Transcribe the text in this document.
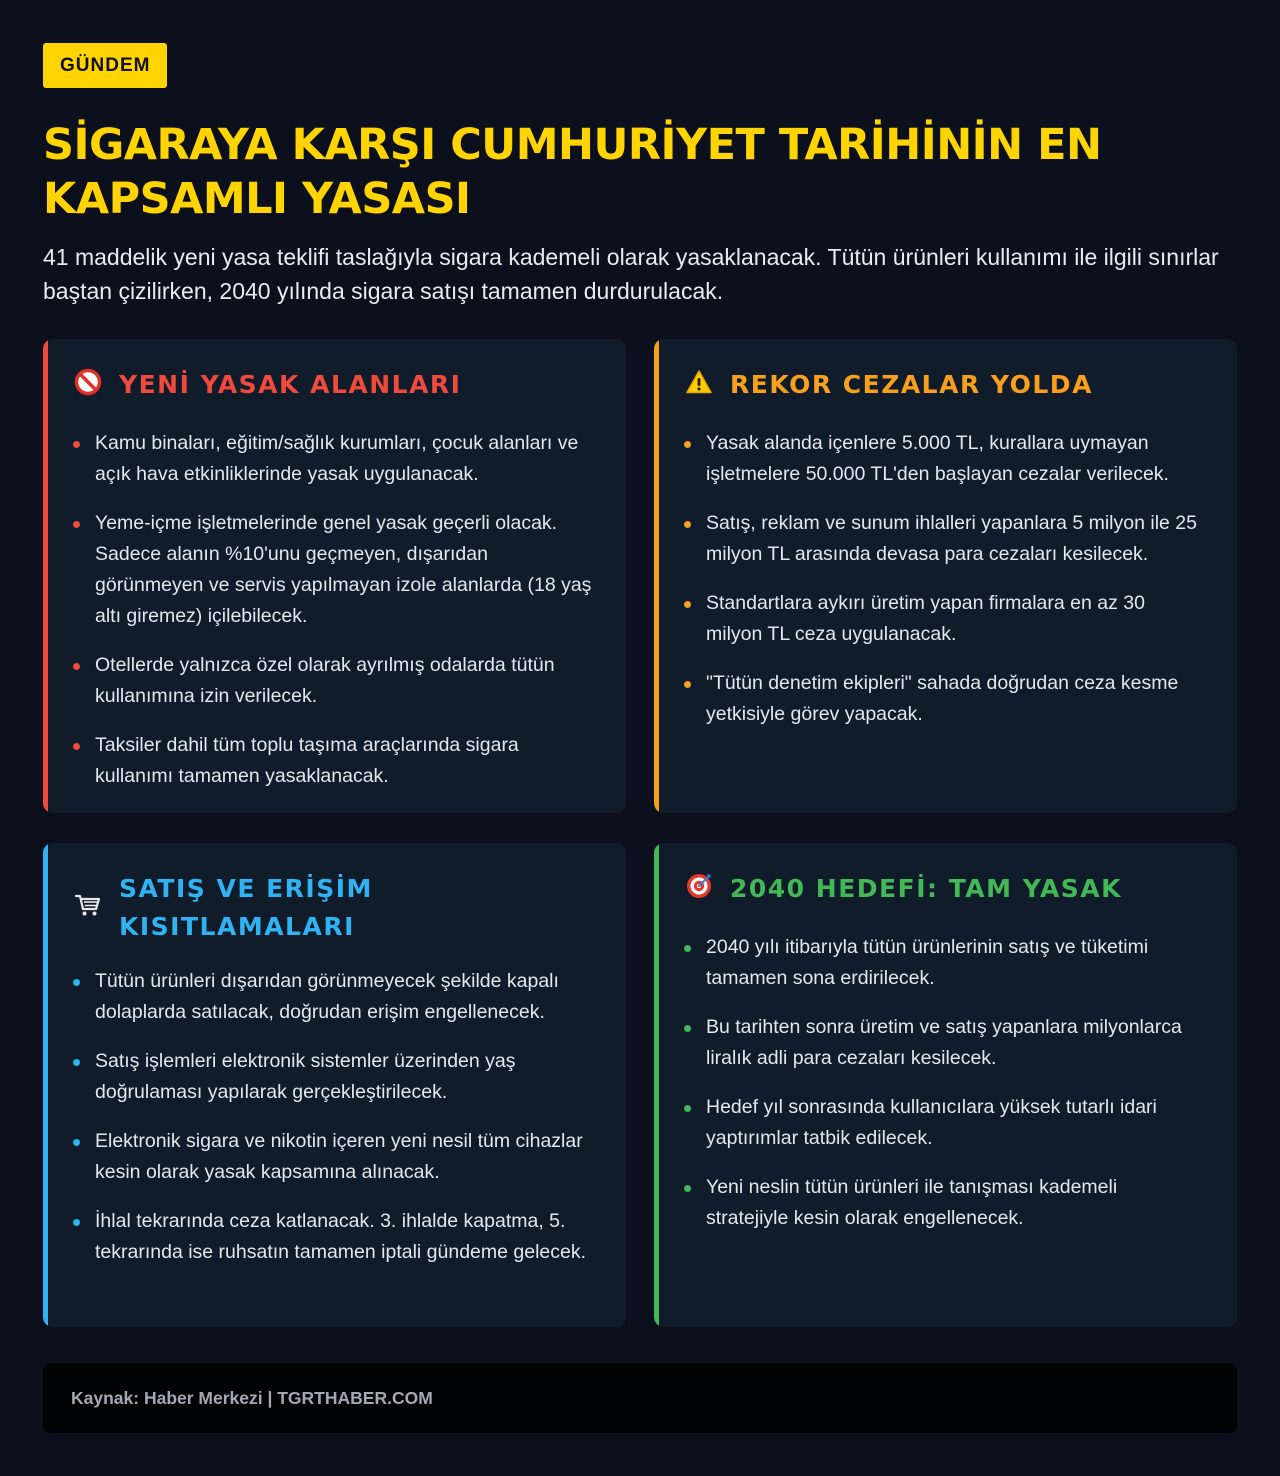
GÜNDEM
SİGARAYA KARŞI CUMHURİYET TARİHİNİN EN
KAPSAMLI YASASI
41 maddelik yeni yasa teklifi taslağıyla sigara kademeli olarak yasaklanacak. Tütün ürünleri kullanımı ile ilgili sınırlar baştan çizilirken, 2040 yılında sigara satışı tamamen durdurulacak.
YENİ YASAK ALANLARI
Kamu binaları, eğitim/sağlık kurumları, çocuk alanları ve açık hava etkinliklerinde yasak uygulanacak.
Yeme-içme işletmelerinde genel yasak geçerli olacak. Sadece alanın %10'unu geçmeyen, dışarıdan görünmeyen ve servis yapılmayan izole alanlarda (18 yaş altı giremez) içilebilecek.
Otellerde yalnızca özel olarak ayrılmış odalarda tütün kullanımına izin verilecek.
Taksiler dahil tüm toplu taşıma araçlarında sigara kullanımı tamamen yasaklanacak.
REKOR CEZALAR YOLDA
Yasak alanda içenlere 5.000 TL, kurallara uymayan işletmelere 50.000 TL'den başlayan cezalar verilecek.
Satış, reklam ve sunum ihlalleri yapanlara 5 milyon ile 25 milyon TL arasında devasa para cezaları kesilecek.
Standartlara aykırı üretim yapan firmalara en az 30 milyon TL ceza uygulanacak.
"Tütün denetim ekipleri" sahada doğrudan ceza kesme yetkisiyle görev yapacak.
SATIŞ VE ERİŞİM KISITLAMALARI
Tütün ürünleri dışarıdan görünmeyecek şekilde kapalı dolaplarda satılacak, doğrudan erişim engellenecek.
Satış işlemleri elektronik sistemler üzerinden yaş doğrulaması yapılarak gerçekleştirilecek.
Elektronik sigara ve nikotin içeren yeni nesil tüm cihazlar kesin olarak yasak kapsamına alınacak.
İhlal tekrarında ceza katlanacak. 3. ihlalde kapatma, 5. tekrarında ise ruhsatın tamamen iptali gündeme gelecek.
2040 HEDEFİ: TAM YASAK
2040 yılı itibarıyla tütün ürünlerinin satış ve tüketimi tamamen sona erdirilecek.
Bu tarihten sonra üretim ve satış yapanlara milyonlarca liralık adli para cezaları kesilecek.
Hedef yıl sonrasında kullanıcılara yüksek tutarlı idari yaptırımlar tatbik edilecek.
Yeni neslin tütün ürünleri ile tanışması kademeli stratejiyle kesin olarak engellenecek.
Kaynak: Haber Merkezi | TGRTHABER.COM
